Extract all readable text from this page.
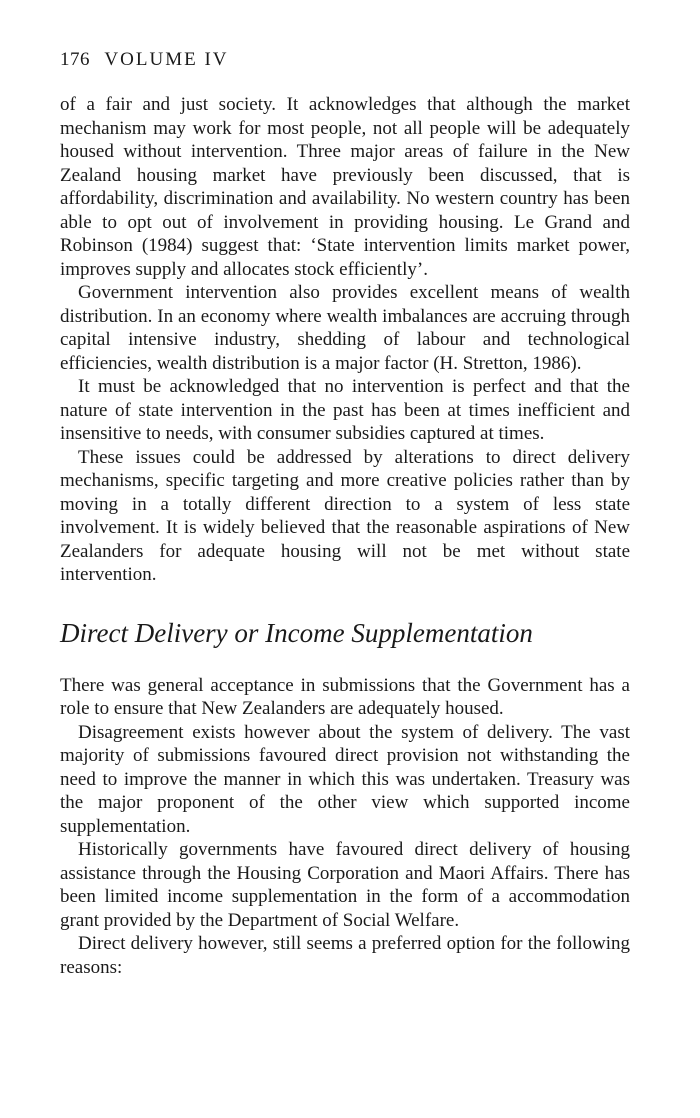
176 VOLUME IV

of a fair and just society. It acknowledges that although the market mechanism may work for most people, not all people will be adequately housed without intervention. Three major areas of failure in the New Zealand housing market have previously been discussed, that is affordability, discrimination and availability. No western country has been able to opt out of involvement in providing housing. Le Grand and Robinson (1984) suggest that: ‘State intervention limits market power, improves supply and allocates stock efficiently’.

Government intervention also provides excellent means of wealth distribution. In an economy where wealth imbalances are accruing through capital intensive industry, shedding of labour and technological efficiencies, wealth distribution is a major factor (H. Stretton, 1986).

It must be acknowledged that no intervention is perfect and that the nature of state intervention in the past has been at times inefficient and insensitive to needs, with consumer subsidies captured at times.

These issues could be addressed by alterations to direct delivery mechanisms, specific targeting and more creative policies rather than by moving in a totally different direction to a system of less state involvement. It is widely believed that the reasonable aspirations of New Zealanders for adequate housing will not be met without state intervention.

Direct Delivery or Income Supplementation

There was general acceptance in submissions that the Government has a role to ensure that New Zealanders are adequately housed.

Disagreement exists however about the system of delivery. The vast majority of submissions favoured direct provision not withstanding the need to improve the manner in which this was undertaken. Treasury was the major proponent of the other view which supported income supplementation.

Historically governments have favoured direct delivery of housing assistance through the Housing Corporation and Maori Affairs. There has been limited income supplementation in the form of a accommodation grant provided by the Department of Social Welfare.

Direct delivery however, still seems a preferred option for the following reasons:
